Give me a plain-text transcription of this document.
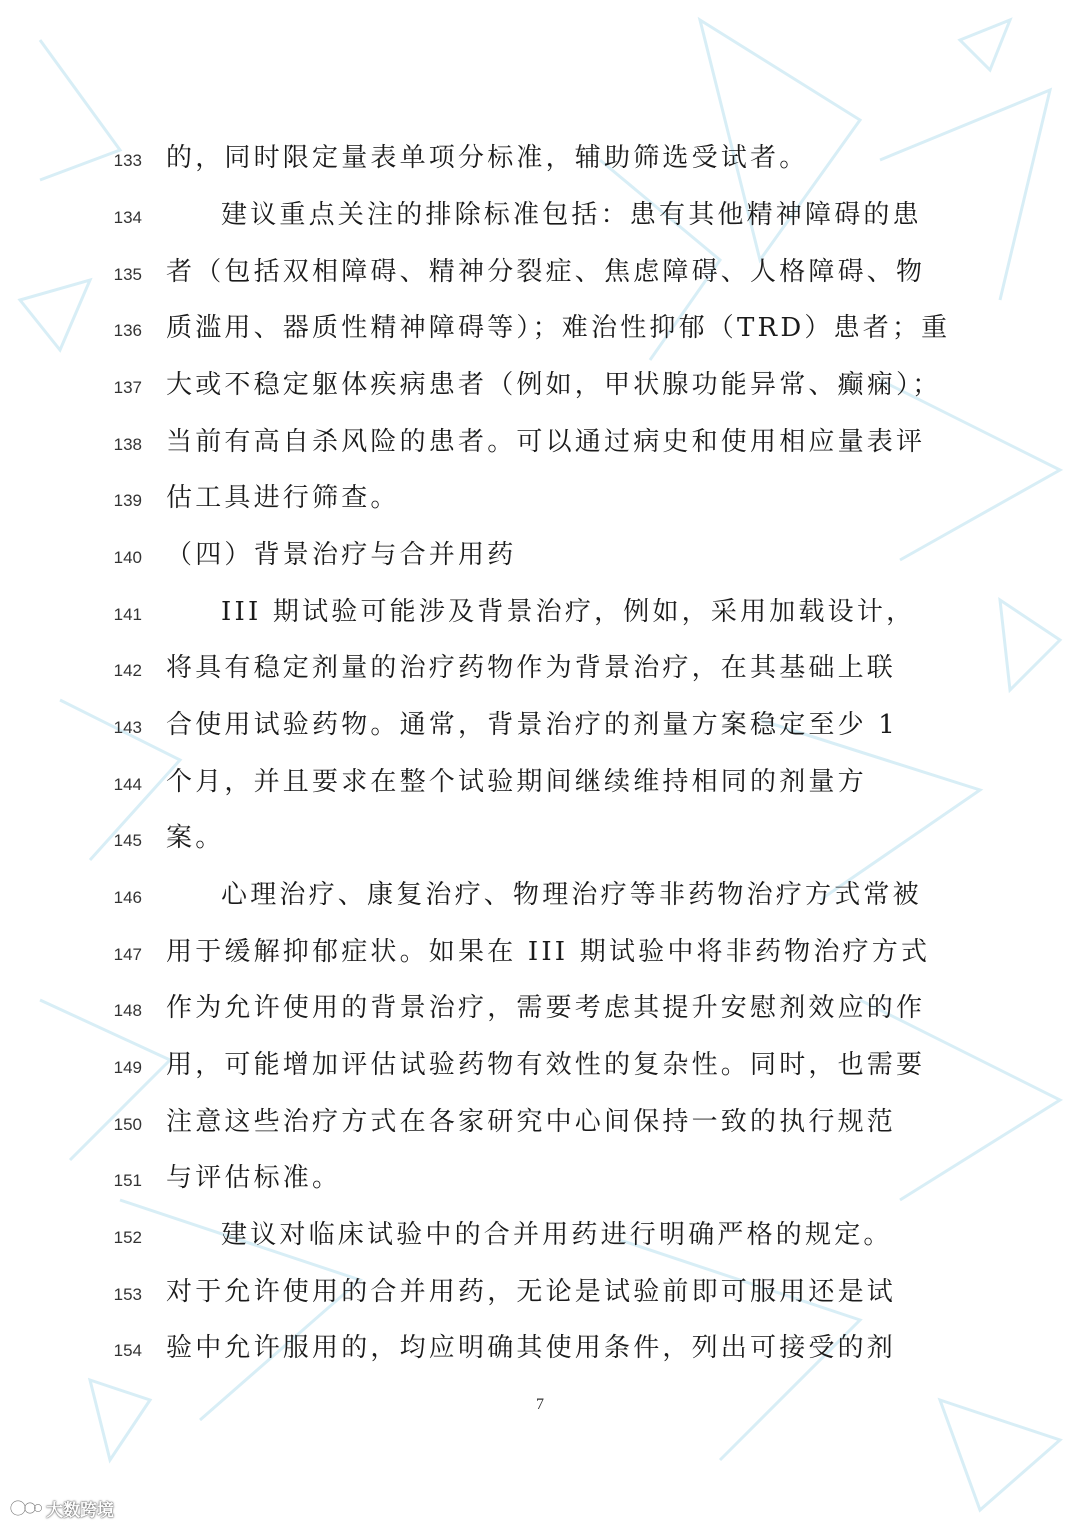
133 的，同时限定量表单项分标准，辅助筛选受试者。
134	建议重点关注的排除标准包括：患有其他精神障碍的患
135 者（包括双相障碍、精神分裂症、焦虑障碍、人格障碍、物
136 质滥用、器质性精神障碍等）；难治性抑郁（TRD）患者；重
137 大或不稳定躯体疾病患者（例如，甲状腺功能异常、癫痫）；
138 当前有高自杀风险的患者。可以通过病史和使用相应量表评
139 估工具进行筛查。
140 （四）背景治疗与合并用药
141	III 期试验可能涉及背景治疗，例如，采用加载设计，
142 将具有稳定剂量的治疗药物作为背景治疗，在其基础上联
143 合使用试验药物。通常，背景治疗的剂量方案稳定至少 1
144 个月，并且要求在整个试验期间继续维持相同的剂量方
145 案。
146	心理治疗、康复治疗、物理治疗等非药物治疗方式常被
147 用于缓解抑郁症状。如果在 III 期试验中将非药物治疗方式
148 作为允许使用的背景治疗，需要考虑其提升安慰剂效应的作
149 用，可能增加评估试验药物有效性的复杂性。同时，也需要
150 注意这些治疗方式在各家研究中心间保持一致的执行规范
151 与评估标准。
152	建议对临床试验中的合并用药进行明确严格的规定。
153 对于允许使用的合并用药，无论是试验前即可服用还是试
154 验中允许服用的，均应明确其使用条件，列出可接受的剂
7
大数跨境
